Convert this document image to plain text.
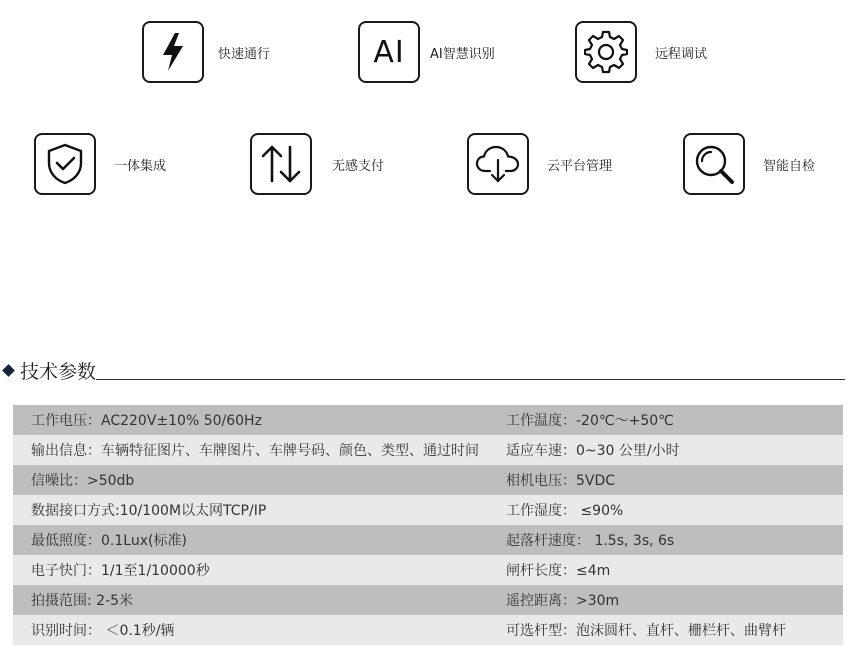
快速通行	AI AI智慧识别	远程调试
一体集成	无感支付	云平台管理	智能自检
技术参数
工作电压：AC220V±10% 50/60Hz	工作温度：-20℃～+50℃
输出信息：车辆特征图片、车牌图片、车牌号码、颜色、类型、通过时间	适应车速：0~30 公里/小时
信噪比：>50db	相机电压：5VDC
数据接口方式:10/100M以太网TCP/IP	工作湿度： ≤90%
最低照度：0.1Lux(标准)	起落杆速度： 1.5s, 3s, 6s
电子快门：1/1至1/10000秒	闸杆长度：≤4m
拍摄范围: 2-5米	遥控距离：>30m
识别时间： ＜0.1秒/辆	可选杆型：泡沫圆杆、直杆、栅栏杆、曲臂杆
